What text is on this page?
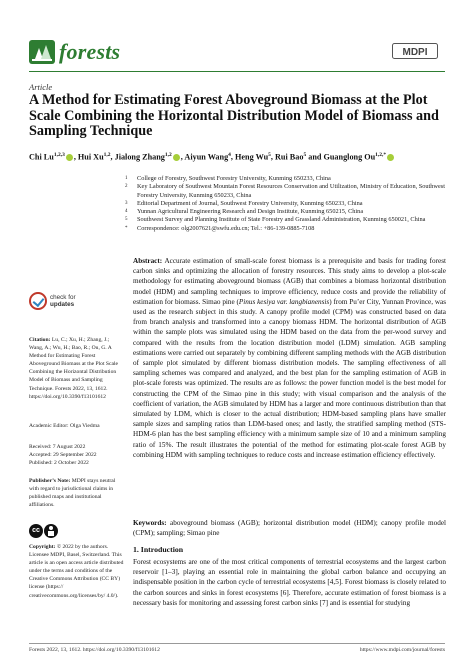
forests	MDPI
Article
A Method for Estimating Forest Aboveground Biomass at the Plot Scale Combining the Horizontal Distribution Model of Biomass and Sampling Technique
Chi Lu$^{1,2,3}$ , Hui Xu$^{1,2}$, Jialong Zhang$^{1,2}$ , Aiyun Wang$^4$, Heng Wu$^5$, Rui Bao$^5$ and Guanglong $Ou^{1,2,*}$
1 College of Forestry, Southwest Forestry University, Kunming 650233, China
2 Key Laboratory of Southwest Mountain Forest Resources Conservation and Utilization, Ministry of Education, Southwest Forestry University, Kunming 650233, China
3 Editorial Department of Journal, Southwest Forestry University, Kunming 650233, China
4 Yunnan Agricultural Engineering Research and Design Institute, Kunming 650215, China
5 Southwest Survey and Planning Institute of State Forestry and Grassland Administration, Kunming 650021, China
* Correspondence: olg2007621@swfu.edu.cn; Tel.: +86-139-0885-7108
check for
updates
Citation: Lu, C.; Xu, H.; Zhang, J.; Wang, A.; Wu, H.; Bao, R.; Ou, G. A Method for Estimating Forest Aboveground Biomass at the Plot Scale Combining the Horizontal Distribution Model of Biomass and Sampling Technique. Forests 2022, 13, 1612. https://doi.org/10.3390/f13101612
Academic Editor: Olga Viedma
Received: 7 August 2022
Accepted: 29 September 2022
Published: 2 October 2022
Publisher’s Note: MDPI stays neutral with regard to jurisdictional claims in published maps and institutional affiliations.
cc
Copyright: © 2022 by the authors. Licensee MDPI, Basel, Switzerland. This article is an open access article distributed under the terms and conditions of the Creative Commons Attribution (CC BY) license (https:// creativecommons.org/licenses/by/ 4.0/).
Abstract: Accurate estimation of small-scale forest biomass is a prerequisite and basis for trading forest carbon sinks and optimizing the allocation of forestry resources. This study aims to develop a plot-scale methodology for estimating aboveground biomass (AGB) that combines a biomass horizontal distribution model (HDM) and sampling techniques to improve efficiency, reduce costs and provide the reliability of estimation for biomass. Simao pine (Pinus kesiya var. langbianensis) from Pu’er City, Yunnan Province, was used as the research subject in this study. A canopy profile model (CPM) was constructed based on data from branch analysis and transformed into a canopy biomass HDM. The horizontal distribution of AGB within the sample plots was simulated using the HDM based on the data from the per-wood survey and compared with the results from the location distribution model (LDM) simulation. AGB sampling estimations were carried out separately by combining different sampling methods with the AGB distribution of sample plot simulated by different biomass distribution models. The sampling effectiveness of all sampling schemes was compared and analyzed, and the best plan for the sampling estimation of AGB in plot-scale forests was optimized. The results are as follows: the power function model is the best model for constructing the CPM of the Simao pine in this study; with visual comparison and the analysis of the coefficient of variation, the AGB simulated by HDM has a larger and more continuous distribution than that simulated by LDM, which is closer to the actual distribution; HDM-based sampling plans have smaller sample sizes and sampling ratios than LDM-based ones; and lastly, the stratified sampling method (STS-HDM-6 plan has the best sampling efficiency with a minimum sample size of 10 and a minimum sampling ratio of 15%. The result illustrates the potential of the method for estimating plot-scale forest AGB by combining HDM with sampling techniques to reduce costs and increase estimation efficiency effectively.
Keywords: aboveground biomass (AGB); horizontal distribution model (HDM); canopy profile model (CPM); sampling; Simao pine
1. Introduction
Forest ecosystems are one of the most critical components of terrestrial ecosystems and the largest carbon reservoir [1–3], playing an essential role in maintaining the global carbon balance and occupying an indispensable position in the carbon cycle of terrestrial ecosystems [4,5]. Forest biomass is closely related to the carbon sources and sinks in forest ecosystems [6]. Therefore, accurate estimation of forest biomass is a necessary basis for monitoring and assessing forest carbon sinks [7] and is essential for studying
Forests 2022, 13, 1612. https://doi.org/10.3390/f13101612	https://www.mdpi.com/journal/forests
